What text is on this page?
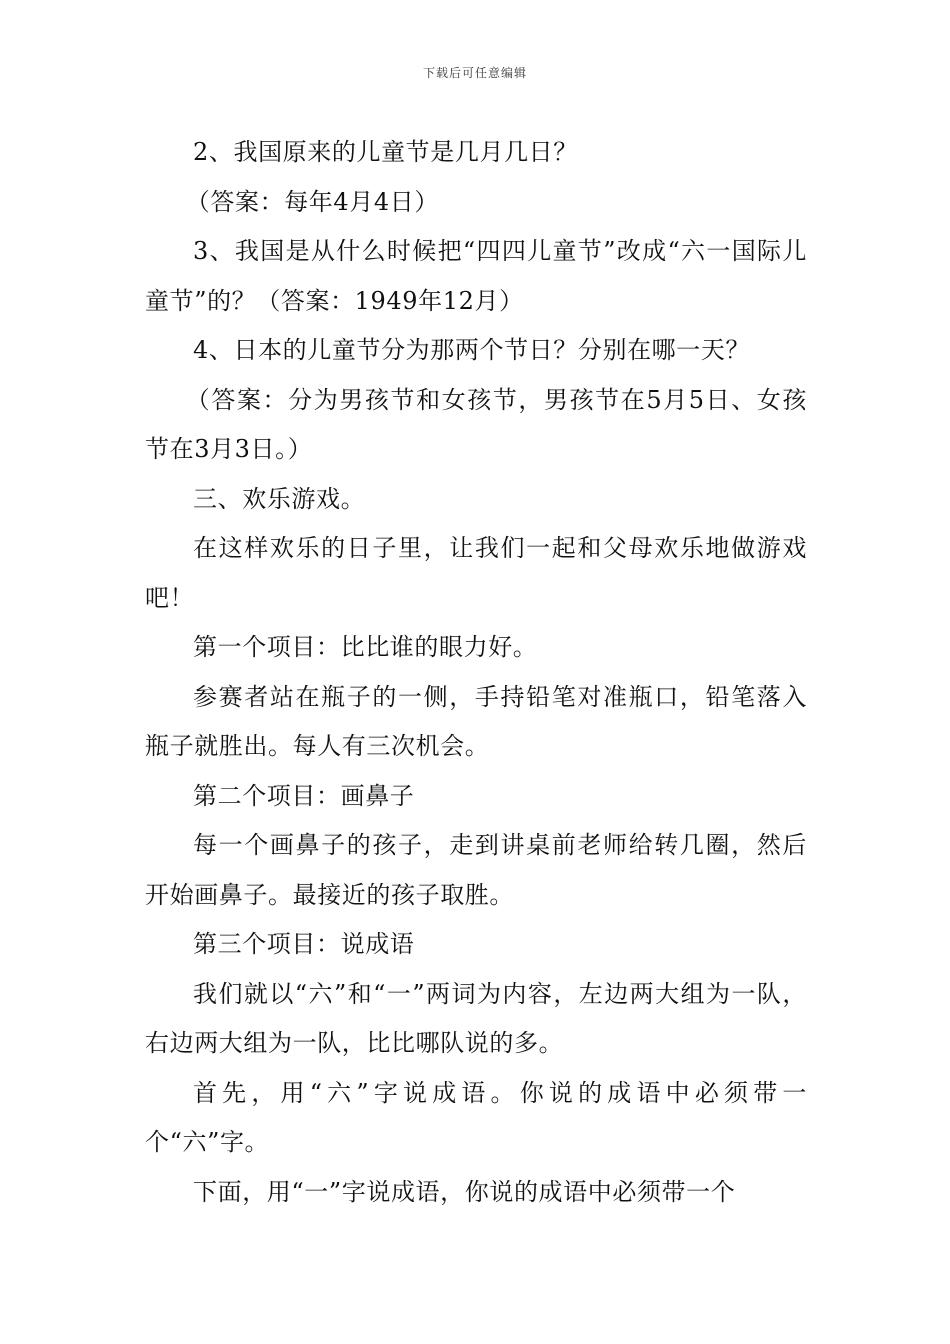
下载后可任意编辑

2、我国原来的儿童节是几月几日？

（答案：每年4月4日）

3、我国是从什么时候把“四四儿童节”改成“六一国际儿童节”的？（答案：1949年12月）

4、日本的儿童节分为那两个节日？分别在哪一天？

（答案：分为男孩节和女孩节，男孩节在5月5日、女孩节在3月3日。）

三、欢乐游戏。

在这样欢乐的日子里，让我们一起和父母欢乐地做游戏吧！

第一个项目：比比谁的眼力好。

参赛者站在瓶子的一侧，手持铅笔对准瓶口，铅笔落入瓶子就胜出。每人有三次机会。

第二个项目：画鼻子

每一个画鼻子的孩子，走到讲桌前老师给转几圈，然后开始画鼻子。最接近的孩子取胜。

第三个项目：说成语

我们就以“六”和“一”两词为内容，左边两大组为一队，右边两大组为一队，比比哪队说的多。

首先，用“六”字说成语。你说的成语中必须带一个“六”字。

下面，用“一”字说成语，你说的成语中必须带一个
